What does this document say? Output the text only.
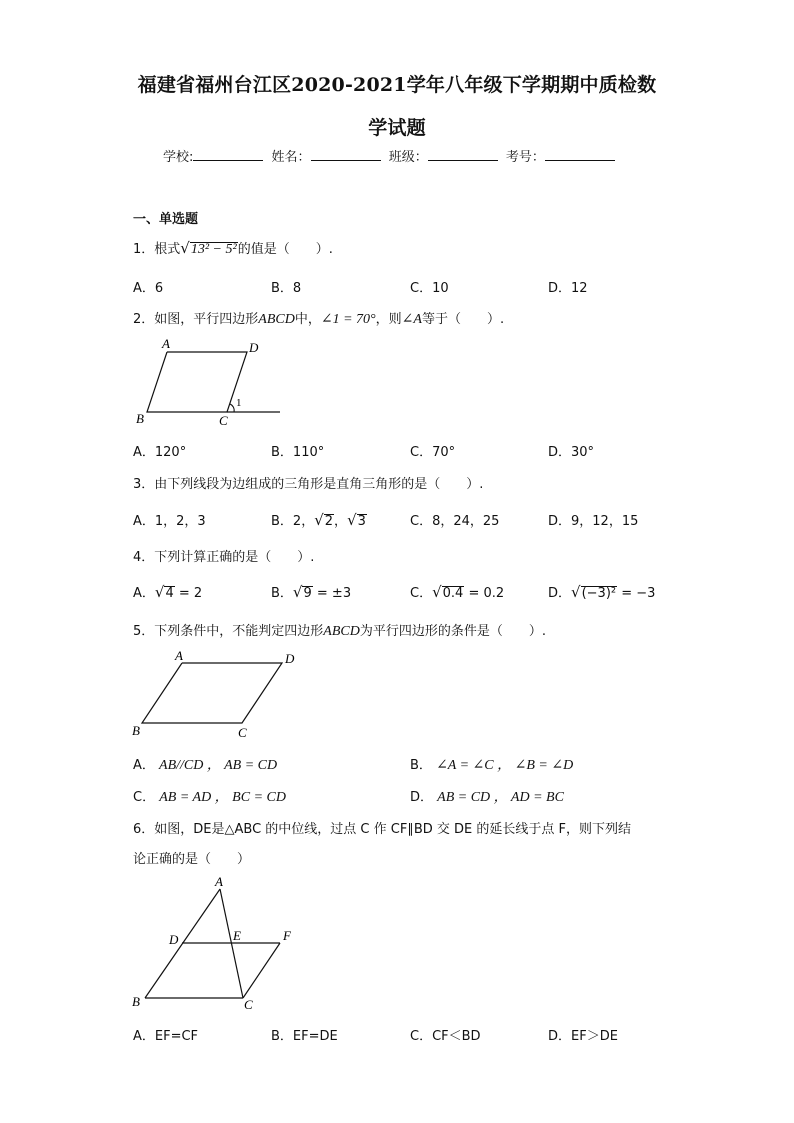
福建省福州台江区2020-2021学年八年级下学期期中质检数
学试题
学校:	姓名：	班级：	考号：
一、单选题
1．根式√13² − 5²的值是（　　）.
A．6	B．8	C．10	D．12
2．如图，平行四边形ABCD中，∠1 = 70°，则∠A等于（　　）.
A	D
B	C
1
A．120°	B．110°	C．70°	D．30°
3．由下列线段为边组成的三角形是直角三角形的是（　　）.
A．1，2，3	B．2，√2，√3	C．8，24，25	D．9，12，15
4．下列计算正确的是（　　）.
A．√4 = 2	B．√9 = ±3	C．√0.4 = 0.2	D．√(−3)² = −3
5．下列条件中，不能判定四边形ABCD为平行四边形的条件是（　　）.
A	D
B	C
A． AB//CD ， AB = CD	B． ∠A = ∠C ， ∠B = ∠D
C． AB = AD ， BC = CD	D． AB = CD ， AD = BC
6．如图，DE是△ABC 的中位线，过点 C 作 CF∥BD 交 DE 的延长线于点 F，则下列结
论正确的是（　　）
A
D	E	F
B	C
A．EF=CF	B．EF=DE	C．CF＜BD	D．EF＞DE
